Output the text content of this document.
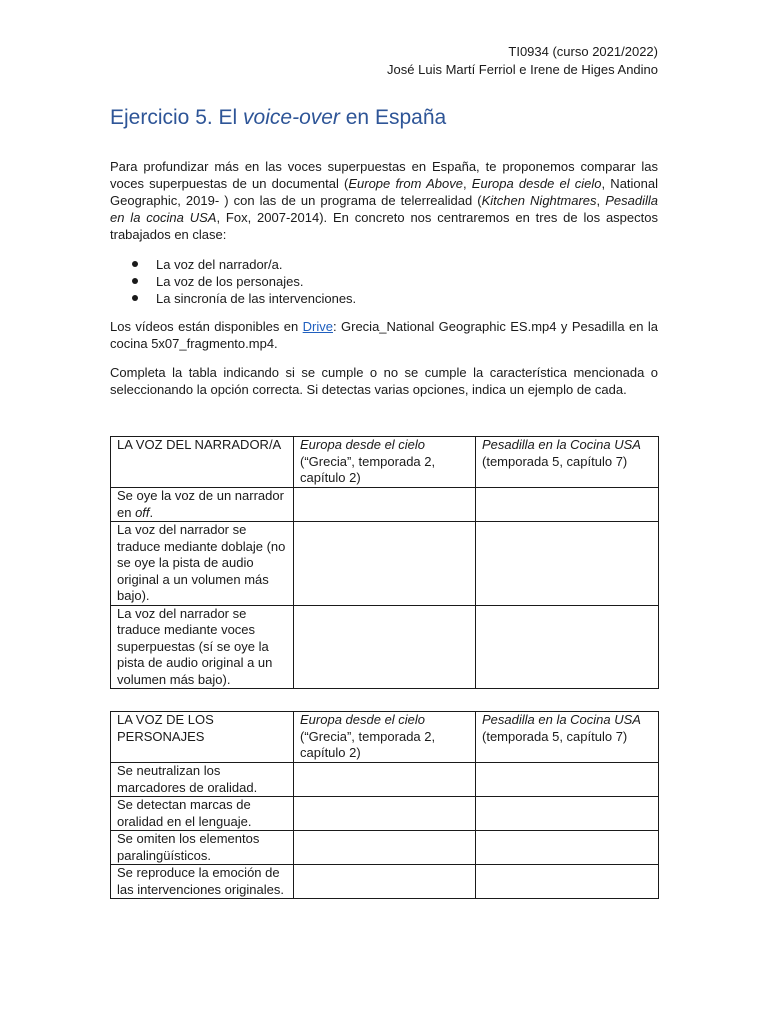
TI0934 (curso 2021/2022)
José Luis Martí Ferriol e Irene de Higes Andino
Ejercicio 5. El voice-over en España

Para profundizar más en las voces superpuestas en España, te proponemos comparar las voces superpuestas de un documental (Europe from Above, Europa desde el cielo, National Geographic, 2019- ) con las de un programa de telerrealidad (Kitchen Nightmares, Pesadilla en la cocina USA, Fox, 2007-2014). En concreto nos centraremos en tres de los aspectos trabajados en clase:

La voz del narrador/a.
La voz de los personajes.
La sincronía de las intervenciones.

Los vídeos están disponibles en Drive: Grecia_National Geographic ES.mp4 y Pesadilla en la cocina 5x07_fragmento.mp4.

Completa la tabla indicando si se cumple o no se cumple la característica mencionada o seleccionando la opción correcta. Si detectas varias opciones, indica un ejemplo de cada.

LA VOZ DEL NARRADOR/A	Europa desde el cielo
(“Grecia”, temporada 2, capítulo 2)	Pesadilla en la Cocina USA
(temporada 5, capítulo 7)
Se oye la voz de un narrador en off.		
La voz del narrador se traduce mediante doblaje (no se oye la pista de audio original a un volumen más bajo).		
La voz del narrador se traduce mediante voces superpuestas (sí se oye la pista de audio original a un volumen más bajo).		
LA VOZ DE LOS PERSONAJES	Europa desde el cielo
(“Grecia”, temporada 2, capítulo 2)	Pesadilla en la Cocina USA
(temporada 5, capítulo 7)
Se neutralizan los marcadores de oralidad.		
Se detectan marcas de oralidad en el lenguaje.		
Se omiten los elementos paralingüísticos.		
Se reproduce la emoción de las intervenciones originales.		
